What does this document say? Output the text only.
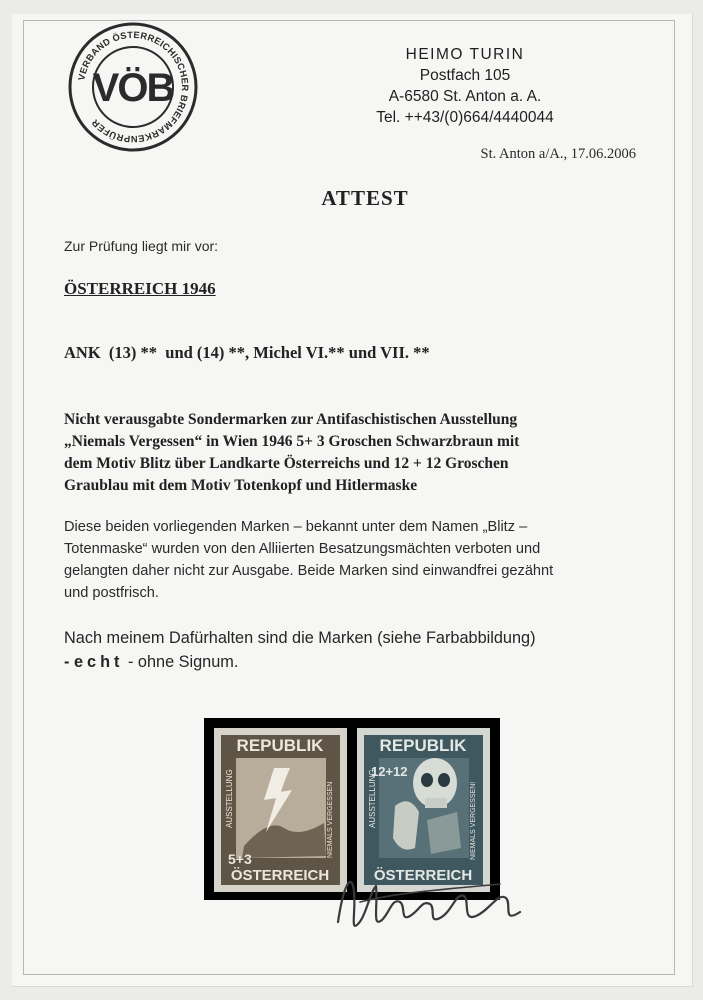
VERBAND ÖSTERREICHISCHER BRIEFMARKENPRÜFER
VÖB
HEIMO TURIN
Postfach 105
A-6580 St. Anton a. A.
Tel. ++43/(0)664/4440044
St. Anton a/A., 17.06.2006
ATTEST
Zur Prüfung liegt mir vor:
ÖSTERREICH 1946
ANK  (13) **  und (14) **, Michel VI.** und VII. **
Nicht verausgabte Sondermarken zur Antifaschistischen Ausstellung
„Niemals Vergessen“ in Wien 1946 5+ 3 Groschen Schwarzbraun mit
dem Motiv Blitz über Landkarte Österreichs und 12 + 12 Groschen
Graublau mit dem Motiv Totenkopf und Hitlermaske
Diese beiden vorliegenden Marken – bekannt unter dem Namen „Blitz –
Totenmaske“ wurden von den Alliierten Besatzungsmächten verboten und
gelangten daher nicht zur Ausgabe. Beide Marken sind einwandfrei gezähnt
und postfrisch.
Nach meinem Dafürhalten sind die Marken (siehe Farbabbildung)
- echt - ohne Signum.
REPUBLIK
AUSSTELLUNG	NIEMALS VERGESSEN
5+3
ÖSTERREICH
REPUBLIK
AUSSTELLUNG	NIEMALS VERGESSEN!
12+12
ÖSTERREICH
